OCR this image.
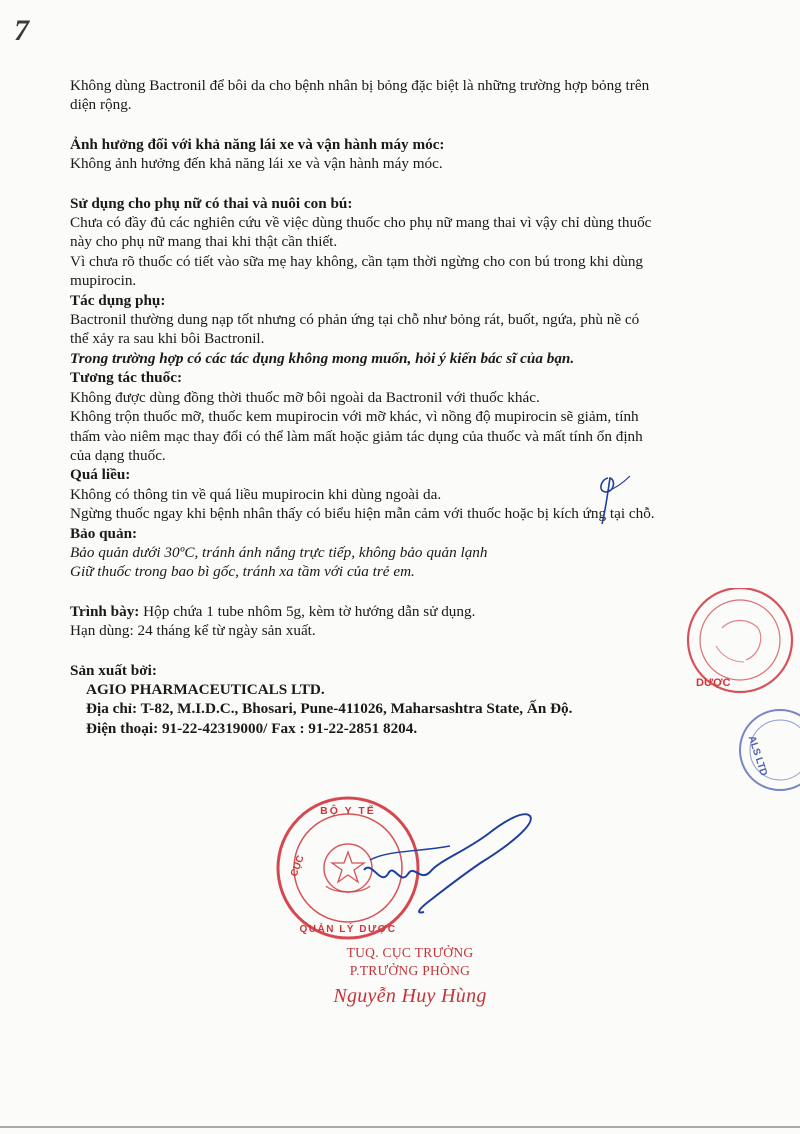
7

Không dùng Bactronil để bôi da cho bệnh nhân bị bỏng đặc biệt là những trường hợp bỏng trên

diện rộng.

Ảnh hưởng đối với khả năng lái xe và vận hành máy móc:

Không ảnh hưởng đến khả năng lái xe và vận hành máy móc.

Sử dụng cho phụ nữ có thai và nuôi con bú:

Chưa có đầy đủ các nghiên cứu về việc dùng thuốc cho phụ nữ mang thai vì vậy chỉ dùng thuốc

này cho phụ nữ mang thai khi thật cần thiết.

Vì chưa rõ thuốc có tiết vào sữa mẹ hay không, cần tạm thời ngừng cho con bú trong khi dùng

mupirocin.

Tác dụng phụ:

Bactronil thường dung nạp tốt nhưng có phản ứng tại chỗ như bỏng rát, buốt, ngứa, phù nề có

thể xảy ra sau khi bôi Bactronil.

Trong trường hợp có các tác dụng không mong muốn, hỏi ý kiến bác sĩ của bạn.

Tương tác thuốc:

Không được dùng đồng thời thuốc mỡ bôi ngoài da Bactronil với thuốc khác.

Không trộn thuốc mỡ, thuốc kem mupirocin với mỡ khác, vì nồng độ mupirocin sẽ giảm, tính

thấm vào niêm mạc thay đổi có thể làm mất hoặc giảm tác dụng của thuốc và mất tính ổn định

của dạng thuốc.

Quá liều:

Không có thông tin về quá liều mupirocin khi dùng ngoài da.

Ngừng thuốc ngay khi bệnh nhân thấy có biểu hiện mẫn cảm với thuốc hoặc bị kích ứng tại chỗ.

Bảo quản:

Bảo quản dưới 30ºC, tránh ánh nắng trực tiếp, không bảo quản lạnh

Giữ thuốc trong bao bì gốc, tránh xa tầm với của trẻ em.

Trình bày: Hộp chứa 1 tube nhôm 5g, kèm tờ hướng dẫn sử dụng.

Hạn dùng: 24 tháng kể từ ngày sản xuất.

Sản xuất bởi:

AGIO PHARMACEUTICALS LTD.

Địa chỉ: T-82, M.I.D.C., Bhosari, Pune-411026, Maharsashtra State, Ấn Độ.

Điện thoại: 91-22-42319000/ Fax : 91-22-2851 8204.

DƯỢC
ALS LTD
BỘ Y TẾ
CỤC
QUẢN LÝ DƯỢC
TUQ. CỤC TRƯỞNG
P.TRƯỞNG PHÒNG
Nguyễn Huy Hùng
